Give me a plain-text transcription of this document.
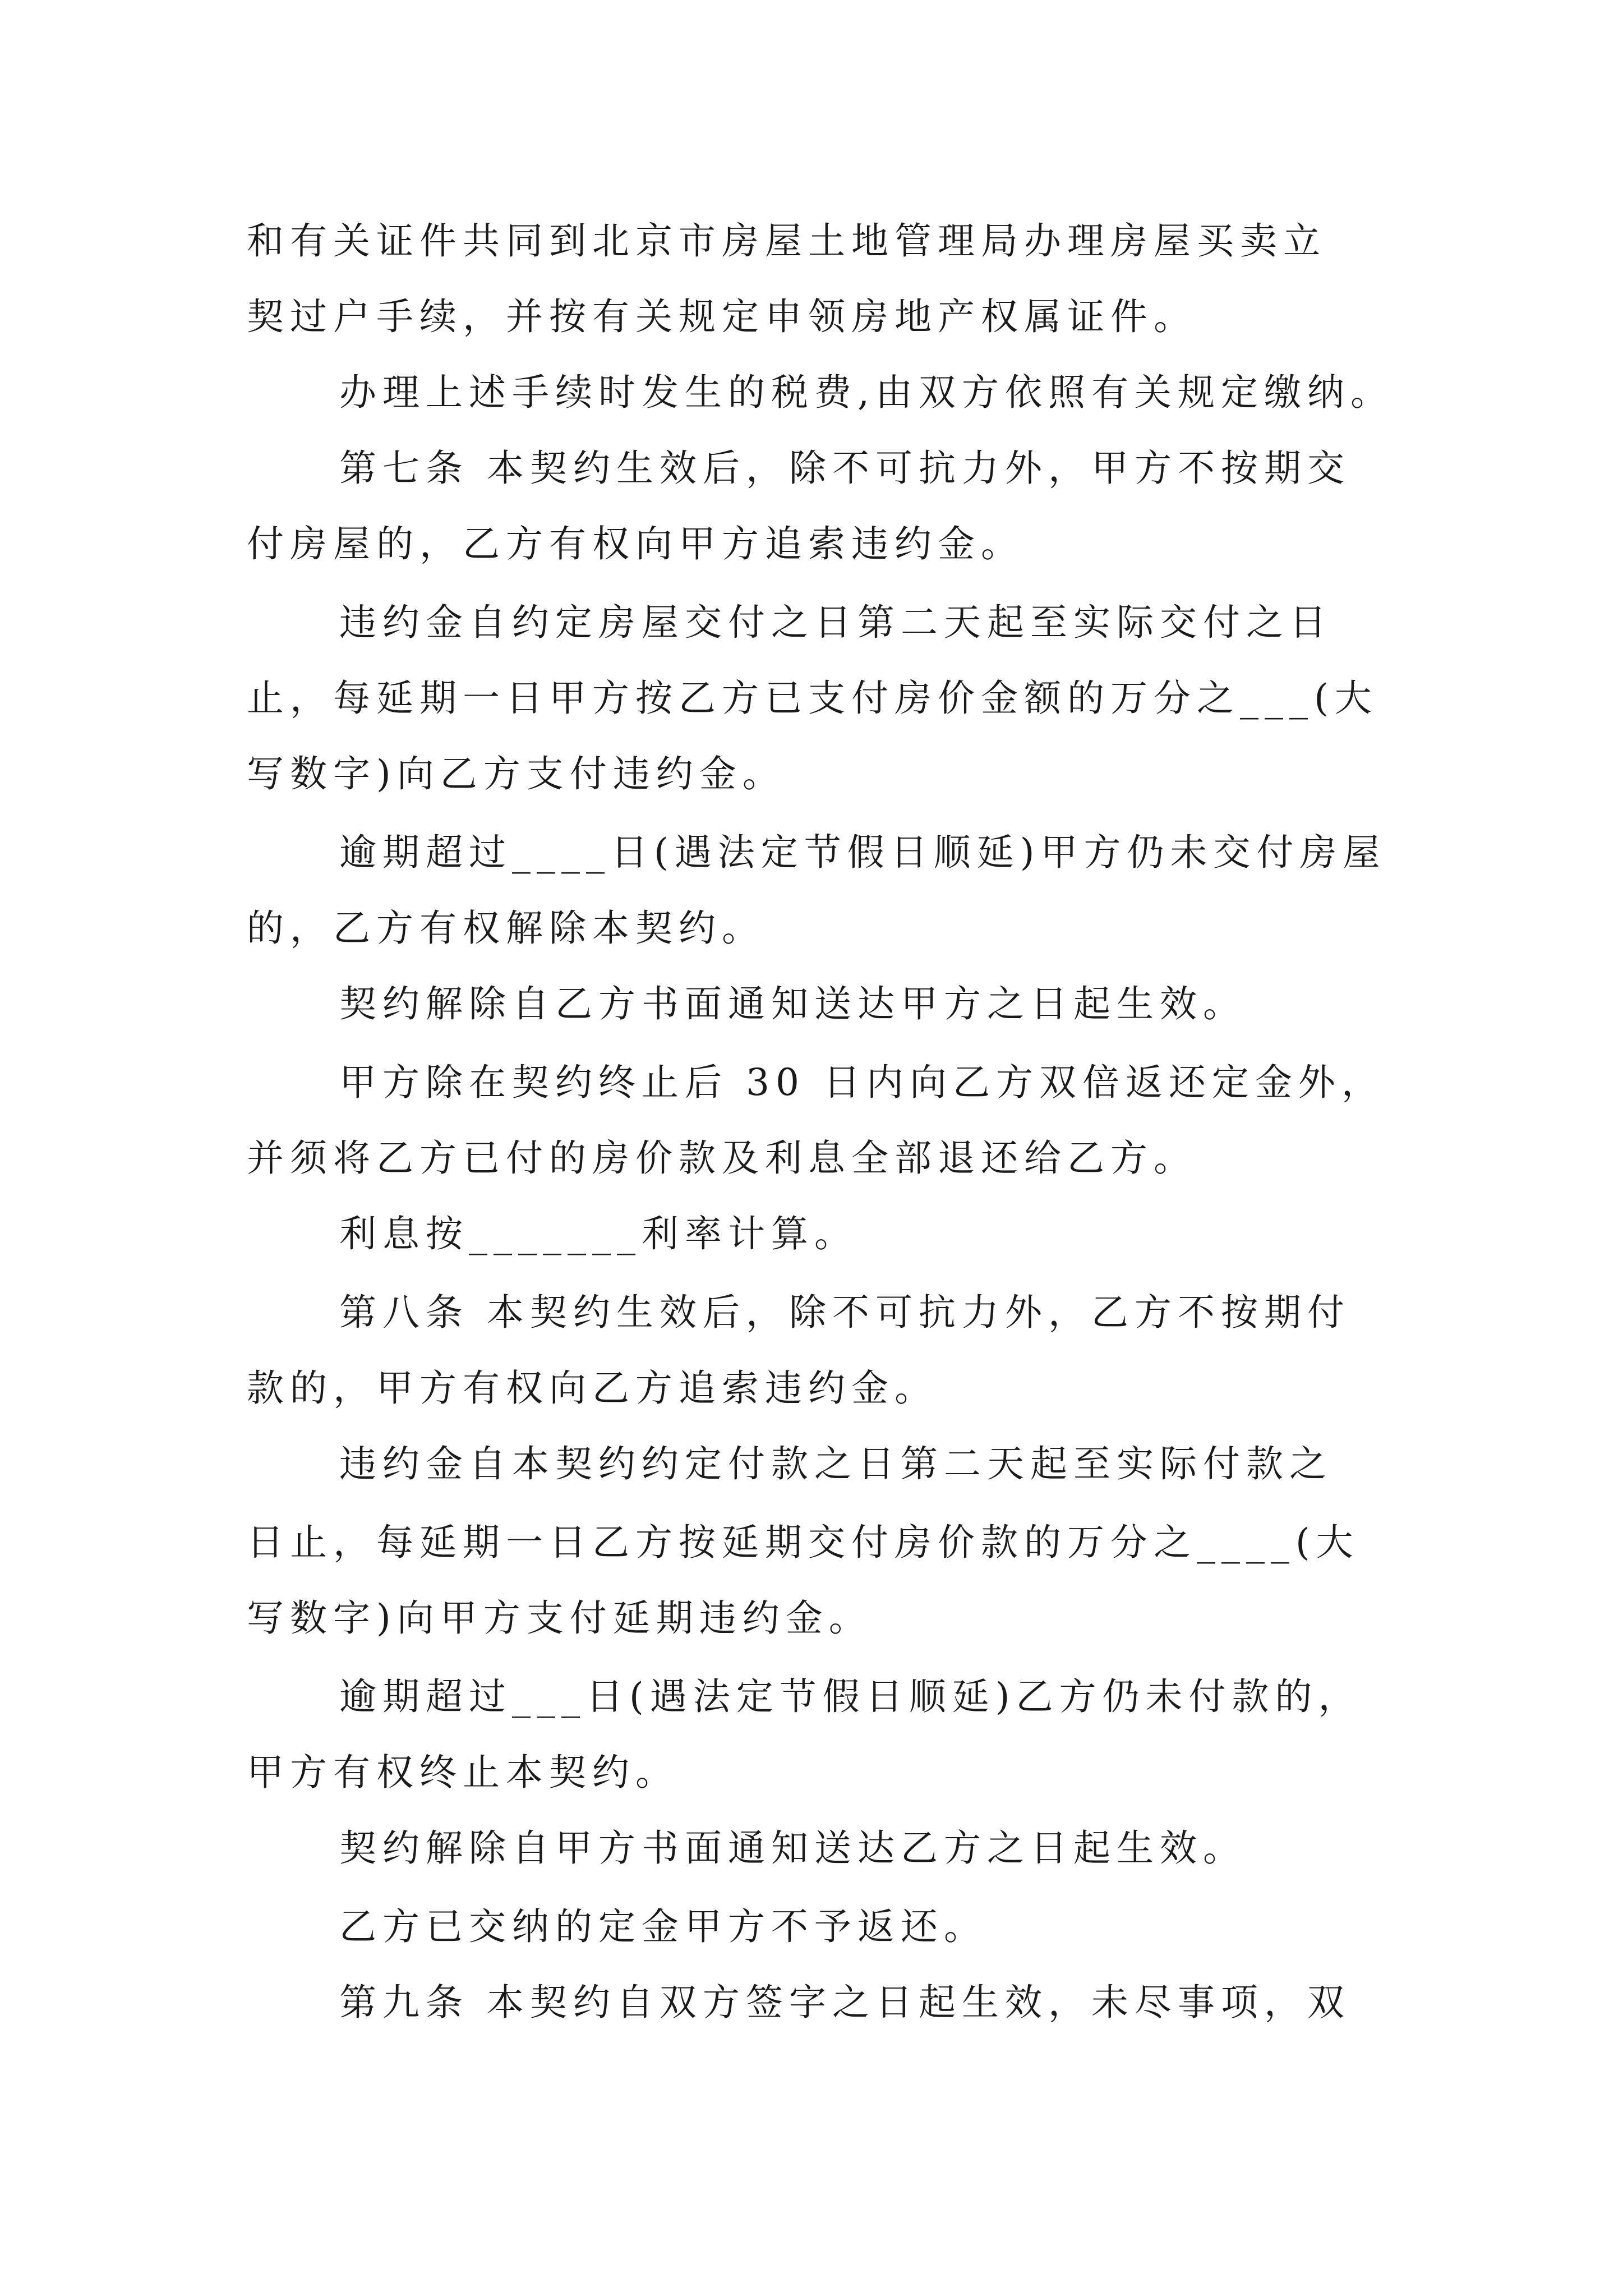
和有关证件共同到北京市房屋土地管理局办理房屋买卖立

契过户手续，并按有关规定申领房地产权属证件。

办理上述手续时发生的税费,由双方依照有关规定缴纳。

第七条 本契约生效后，除不可抗力外，甲方不按期交

付房屋的，乙方有权向甲方追索违约金。

违约金自约定房屋交付之日第二天起至实际交付之日

止，每延期一日甲方按乙方已支付房价金额的万分之___(大

写数字)向乙方支付违约金。

逾期超过____日(遇法定节假日顺延)甲方仍未交付房屋

的，乙方有权解除本契约。

契约解除自乙方书面通知送达甲方之日起生效。

甲方除在契约终止后 30 日内向乙方双倍返还定金外，

并须将乙方已付的房价款及利息全部退还给乙方。

利息按_______利率计算。

第八条 本契约生效后，除不可抗力外，乙方不按期付

款的，甲方有权向乙方追索违约金。

违约金自本契约约定付款之日第二天起至实际付款之

日止，每延期一日乙方按延期交付房价款的万分之____(大

写数字)向甲方支付延期违约金。

逾期超过___日(遇法定节假日顺延)乙方仍未付款的，

甲方有权终止本契约。

契约解除自甲方书面通知送达乙方之日起生效。

乙方已交纳的定金甲方不予返还。

第九条 本契约自双方签字之日起生效，未尽事项，双
